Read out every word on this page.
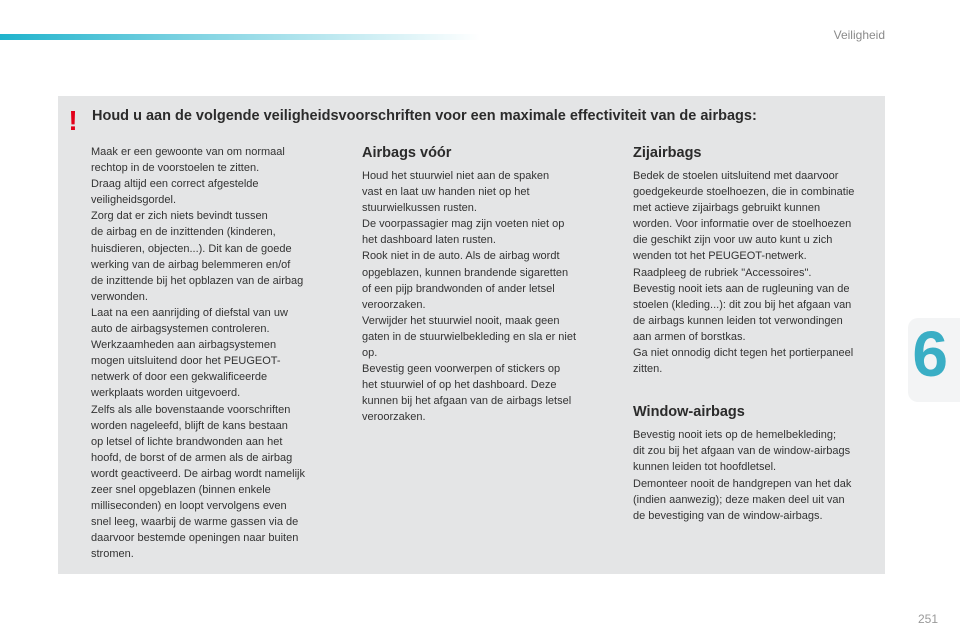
Veiligheid
6
! Houd u aan de volgende veiligheidsvoorschriften voor een maximale effectiviteit van de airbags:

Maak er een gewoonte van om normaal

rechtop in de voorstoelen te zitten.

Draag altijd een correct afgestelde

veiligheidsgordel.

Zorg dat er zich niets bevindt tussen

de airbag en de inzittenden (kinderen,

huisdieren, objecten...). Dit kan de goede

werking van de airbag belemmeren en/of

de inzittende bij het opblazen van de airbag

verwonden.

Laat na een aanrijding of diefstal van uw

auto de airbagsystemen controleren.

Werkzaamheden aan airbagsystemen

mogen uitsluitend door het PEUGEOT-

netwerk of door een gekwalificeerde

werkplaats worden uitgevoerd.

Zelfs als alle bovenstaande voorschriften

worden nageleefd, blijft de kans bestaan

op letsel of lichte brandwonden aan het

hoofd, de borst of de armen als de airbag

wordt geactiveerd. De airbag wordt namelijk

zeer snel opgeblazen (binnen enkele

milliseconden) en loopt vervolgens even

snel leeg, waarbij de warme gassen via de

daarvoor bestemde openingen naar buiten

stromen.

Airbags vóór

Houd het stuurwiel niet aan de spaken

vast en laat uw handen niet op het

stuurwielkussen rusten.

De voorpassagier mag zijn voeten niet op

het dashboard laten rusten.

Rook niet in de auto. Als de airbag wordt

opgeblazen, kunnen brandende sigaretten

of een pijp brandwonden of ander letsel

veroorzaken.

Verwijder het stuurwiel nooit, maak geen

gaten in de stuurwielbekleding en sla er niet

op.

Bevestig geen voorwerpen of stickers op

het stuurwiel of op het dashboard. Deze

kunnen bij het afgaan van de airbags letsel

veroorzaken.

Zijairbags

Bedek de stoelen uitsluitend met daarvoor

goedgekeurde stoelhoezen, die in combinatie

met actieve zijairbags gebruikt kunnen

worden. Voor informatie over de stoelhoezen

die geschikt zijn voor uw auto kunt u zich

wenden tot het PEUGEOT-netwerk.

Raadpleeg de rubriek "Accessoires".

Bevestig nooit iets aan de rugleuning van de

stoelen (kleding...): dit zou bij het afgaan van

de airbags kunnen leiden tot verwondingen

aan armen of borstkas.

Ga niet onnodig dicht tegen het portierpaneel

zitten.

Window-airbags

Bevestig nooit iets op de hemelbekleding;

dit zou bij het afgaan van de window-airbags

kunnen leiden tot hoofdletsel.

Demonteer nooit de handgrepen van het dak

(indien aanwezig); deze maken deel uit van

de bevestiging van de window-airbags.

251
